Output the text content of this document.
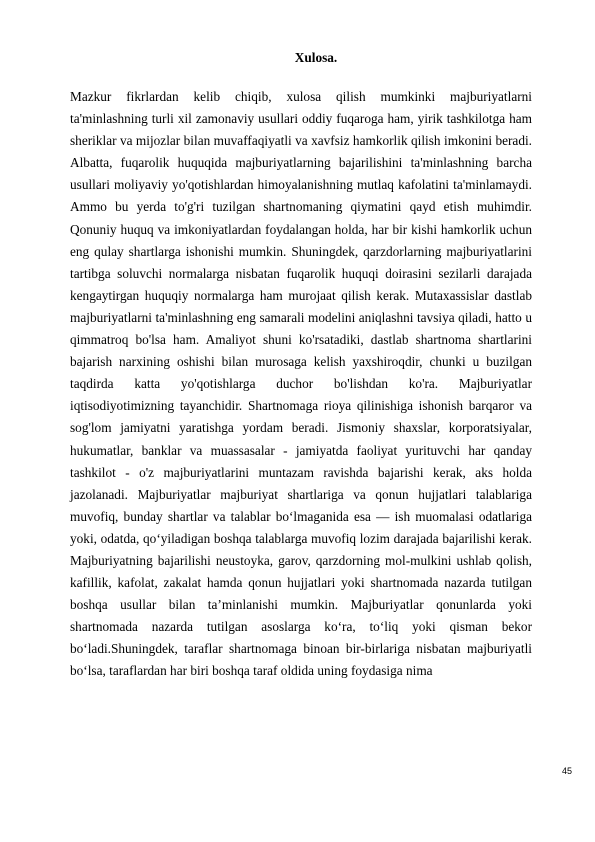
Xulosa.

Mazkur fikrlardan kelib chiqib, xulosa qilish mumkinki majburiyatlarni ta'minlashning turli xil zamonaviy usullari oddiy fuqaroga ham, yirik tashkilotga ham sheriklar va mijozlar bilan muvaffaqiyatli va xavfsiz hamkorlik qilish imkonini beradi. Albatta, fuqarolik huquqida majburiyatlarning bajarilishini ta'minlashning barcha usullari moliyaviy yo'qotishlardan himoyalanishning mutlaq kafolatini ta'minlamaydi. Ammo bu yerda to'g'ri tuzilgan shartnomaning qiymatini qayd etish muhimdir. Qonuniy huquq va imkoniyatlardan foydalangan holda, har bir kishi hamkorlik uchun eng qulay shartlarga ishonishi mumkin. Shuningdek, qarzdorlarning majburiyatlarini tartibga soluvchi normalarga nisbatan fuqarolik huquqi doirasini sezilarli darajada kengaytirgan huquqiy normalarga ham murojaat qilish kerak. Mutaxassislar dastlab majburiyatlarni ta'minlashning eng samarali modelini aniqlashni tavsiya qiladi, hatto u qimmatroq bo'lsa ham. Amaliyot shuni ko'rsatadiki, dastlab shartnoma shartlarini bajarish narxining oshishi bilan murosaga kelish yaxshiroqdir, chunki u buzilgan taqdirda katta yo'qotishlarga duchor bo'lishdan ko'ra. Majburiyatlar iqtisodiyotimizning tayanchidir. Shartnomaga rioya qilinishiga ishonish barqaror va sog'lom jamiyatni yaratishga yordam beradi. Jismoniy shaxslar, korporatsiyalar, hukumatlar, banklar va muassasalar - jamiyatda faoliyat yurituvchi har qanday tashkilot - o'z majburiyatlarini muntazam ravishda bajarishi kerak, aks holda jazolanadi. Majburiyatlar majburiyat shartlariga va qonun hujjatlari talablariga muvofiq, bunday shartlar va talablar bo‘lmaganida esa — ish muomalasi odatlariga yoki, odatda, qo‘yiladigan boshqa talablarga muvofiq lozim darajada bajarilishi kerak. Majburiyatning bajarilishi neustoyka, garov, qarzdorning mol-mulkini ushlab qolish, kafillik, kafolat, zakalat hamda qonun hujjatlari yoki shartnomada nazarda tutilgan boshqa usullar bilan ta’minlanishi mumkin. Majburiyatlar qonunlarda yoki shartnomada nazarda tutilgan asoslarga ko‘ra, to‘liq yoki qisman bekor bo‘ladi.Shuningdek, taraflar shartnomaga binoan bir-birlariga nisbatan majburiyatli bo‘lsa, taraflardan har biri boshqa taraf oldida uning foydasiga nima

45
